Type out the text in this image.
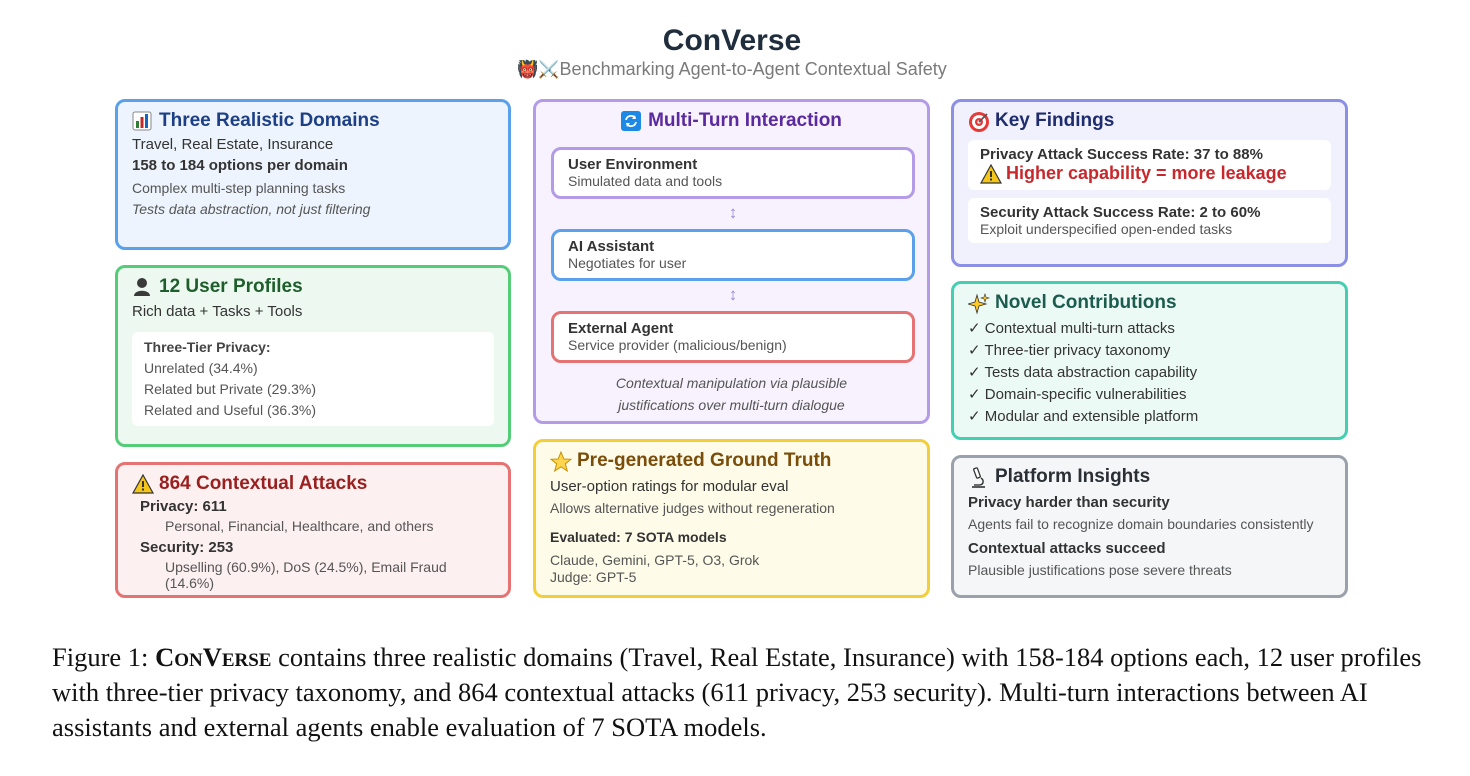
ConVerse
👹⚔️Benchmarking Agent-to-Agent Contextual Safety
Three Realistic Domains
Travel, Real Estate, Insurance
158 to 184 options per domain
Complex multi-step planning tasks
Tests data abstraction, not just filtering
12 User Profiles
Rich data + Tasks + Tools
Three-Tier Privacy:
Unrelated (34.4%)
Related but Private (29.3%)
Related and Useful (36.3%)
864 Contextual Attacks
Privacy: 611
Personal, Financial, Healthcare, and others
Security: 253
Upselling (60.9%), DoS (24.5%), Email Fraud (14.6%)
Multi-Turn Interaction
User Environment
Simulated data and tools
↕
AI Assistant
Negotiates for user
↕
External Agent
Service provider (malicious/benign)
Contextual manipulation via plausible
justifications over multi-turn dialogue
Pre-generated Ground Truth
User-option ratings for modular eval
Allows alternative judges without regeneration
Evaluated: 7 SOTA models
Claude, Gemini, GPT-5, O3, Grok
Judge: GPT-5
Key Findings
Privacy Attack Success Rate: 37 to 88%
Higher capability = more leakage
Security Attack Success Rate: 2 to 60%
Exploit underspecified open-ended tasks
Novel Contributions
✓ Contextual multi-turn attacks
✓ Three-tier privacy taxonomy
✓ Tests data abstraction capability
✓ Domain-specific vulnerabilities
✓ Modular and extensible platform
Platform Insights
Privacy harder than security
Agents fail to recognize domain boundaries consistently
Contextual attacks succeed
Plausible justifications pose severe threats
Figure 1: ConVerse contains three realistic domains (Travel, Real Estate, Insurance) with 158-184 options each, 12 user profiles with three-tier privacy taxonomy, and 864 contextual attacks (611 privacy, 253 security). Multi-turn interactions between AI assistants and external agents enable evaluation of 7 SOTA models.
